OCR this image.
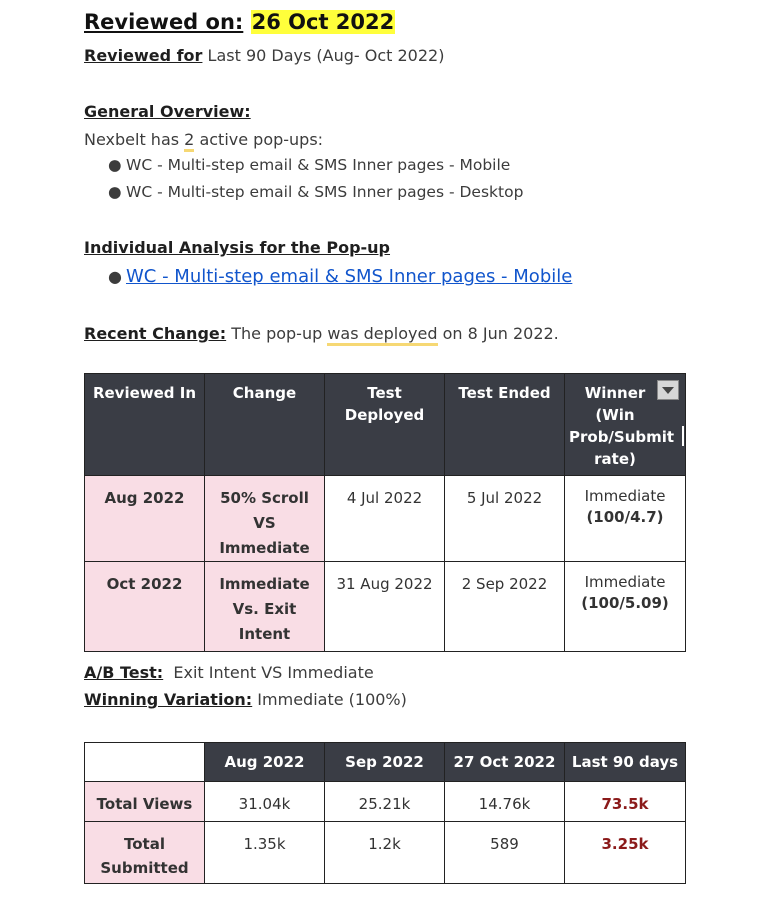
Reviewed on: 26 Oct 2022
Reviewed for Last 90 Days (Aug- Oct 2022)
General Overview:
Nexbelt has 2 active pop-ups:
● WC - Multi-step email & SMS Inner pages - Mobile
● WC - Multi-step email & SMS Inner pages - Desktop
Individual Analysis for the Pop-up
● WC - Multi-step email & SMS Inner pages - Mobile
Recent Change: The pop-up was deployed on 8 Jun 2022.
Reviewed In	Change	Test Deployed	Test Ended	Winner (Win Prob/Submit rate)

Aug 2022	50% Scroll VS Immediate	4 Jul 2022	5 Jul 2022	Immediate
(100/4.7)
Oct 2022	Immediate Vs. Exit Intent	31 Aug 2022	2 Sep 2022	Immediate
(100/5.09)
A/B Test: Exit Intent VS Immediate
Winning Variation: Immediate (100%)
	Aug 2022	Sep 2022	27 Oct 2022	Last 90 days
Total Views	31.04k	25.21k	14.76k	73.5k
Total Submitted	1.35k	1.2k	589	3.25k
